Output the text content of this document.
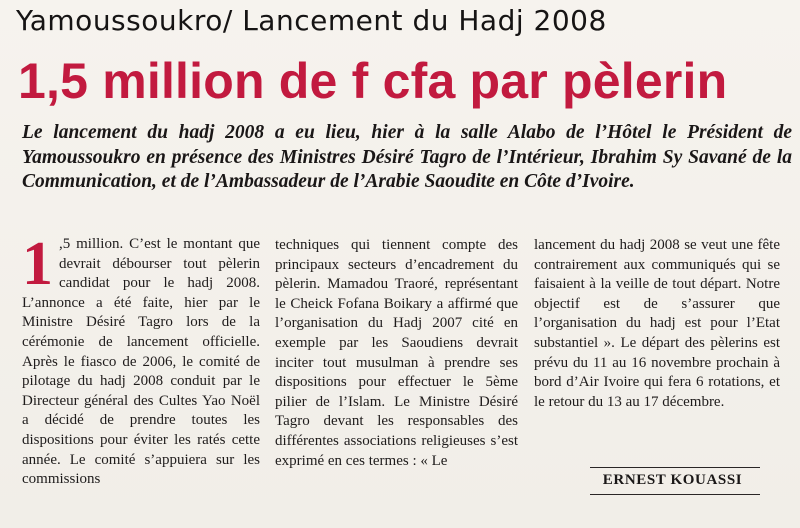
Yamoussoukro/ Lancement du Hadj 2008
1,5 million de f cfa par pèlerin
Le lancement du hadj 2008 a eu lieu, hier à la salle Alabo de l’Hôtel le Président de Yamoussoukro en présence des Ministres Désiré Tagro de l’Intérieur, Ibrahim Sy Savané de la Communication, et de l’Ambassadeur de l’Arabie Saoudite en Côte d’Ivoire.

1 ,5 million. C’est le montant que devrait débourser tout pèlerin candidat pour le hadj 2008. L’annonce a été faite, hier par le Ministre Désiré Tagro lors de la cérémonie de lancement officielle. Après le fiasco de 2006, le comité de pilotage du hadj 2008 conduit par le Directeur général des Cultes Yao Noël a décidé de prendre toutes les dispositions pour éviter les ratés cette année. Le comité s’appuiera sur les commissions

techniques qui tiennent compte des principaux secteurs d’encadrement du pèlerin. Mamadou Traoré, représentant le Cheick Fofana Boikary a affirmé que l’organisation du Hadj 2007 cité en exemple par les Saoudiens devrait inciter tout musulman à prendre ses dispositions pour effectuer le 5ème pilier de l’Islam. Le Ministre Désiré Tagro devant les responsables des différentes associations religieuses s’est exprimé en ces termes : « Le

lancement du hadj 2008 se veut une fête contrairement aux communiqués qui se faisaient à la veille de tout départ. Notre objectif est de s’assurer que l’organisation du hadj est pour l’Etat substantiel ». Le départ des pèlerins est prévu du 11 au 16 novembre prochain à bord d’Air Ivoire qui fera 6 rotations, et le retour du 13 au 17 décembre.

ERNEST KOUASSI
